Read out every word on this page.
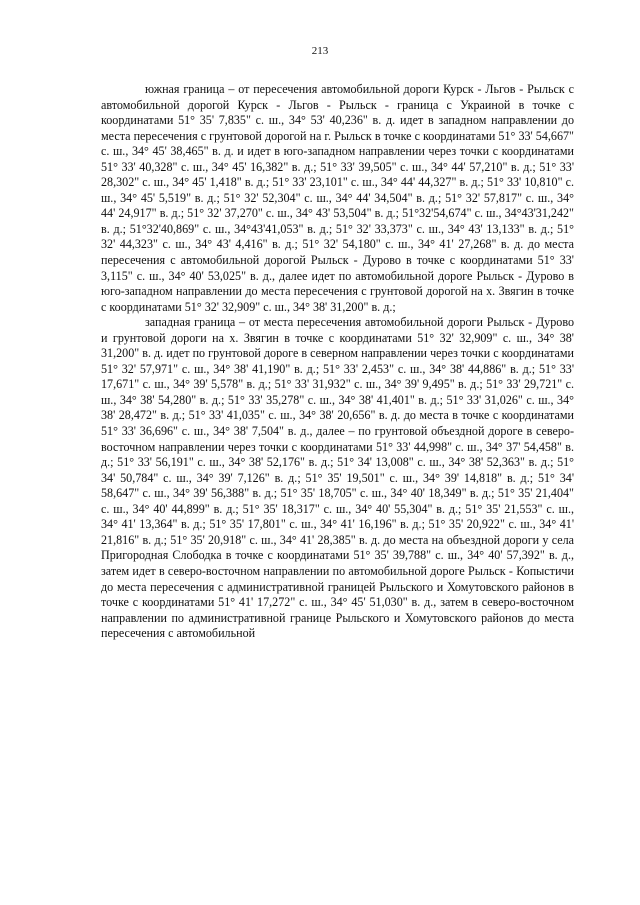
213

южная граница – от пересечения автомобильной дороги Курск - Льгов - Рыльск с автомобильной дорогой Курск - Льгов - Рыльск - граница с Украиной в точке с координатами 51° 35' 7,835" с. ш., 34° 53' 40,236" в. д. идет в западном направлении до места пересечения с грунтовой дорогой на г. Рыльск в точке с координатами 51° 33' 54,667" с. ш., 34° 45' 38,465" в. д. и идет в юго-западном направлении через точки с координатами 51° 33' 40,328" с. ш., 34° 45' 16,382" в. д.; 51° 33' 39,505" с. ш., 34° 44' 57,210" в. д.; 51° 33' 28,302" с. ш., 34° 45' 1,418" в. д.; 51° 33' 23,101" с. ш., 34° 44' 44,327" в. д.; 51° 33' 10,810" с. ш., 34° 45' 5,519" в. д.; 51° 32' 52,304" с. ш., 34° 44' 34,504" в. д.; 51° 32' 57,817" с. ш., 34° 44' 24,917" в. д.; 51° 32' 37,270" с. ш., 34° 43' 53,504" в. д.; 51°32'54,674" с. ш., 34°43'31,242" в. д.; 51°32'40,869" с. ш., 34°43'41,053" в. д.; 51° 32' 33,373" с. ш., 34° 43' 13,133" в. д.; 51° 32' 44,323" с. ш., 34° 43' 4,416" в. д.; 51° 32' 54,180" с. ш., 34° 41' 27,268" в. д. до места пересечения с автомобильной дорогой Рыльск - Дурово в точке с координатами 51° 33' 3,115" с. ш., 34° 40' 53,025" в. д., далее идет по автомобильной дороге Рыльск - Дурово в юго-западном направлении до места пересечения с грунтовой дорогой на х. Звягин в точке с координатами 51° 32' 32,909" с. ш., 34° 38' 31,200" в. д.;

западная граница – от места пересечения автомобильной дороги Рыльск - Дурово и грунтовой дороги на х. Звягин в точке с координатами 51° 32' 32,909" с. ш., 34° 38' 31,200" в. д. идет по грунтовой дороге в северном направлении через точки с координатами 51° 32' 57,971" с. ш., 34° 38' 41,190" в. д.; 51° 33' 2,453" с. ш., 34° 38' 44,886" в. д.; 51° 33' 17,671" с. ш., 34° 39' 5,578" в. д.; 51° 33' 31,932" с. ш., 34° 39' 9,495" в. д.; 51° 33' 29,721" с. ш., 34° 38' 54,280" в. д.; 51° 33' 35,278" с. ш., 34° 38' 41,401" в. д.; 51° 33' 31,026" с. ш., 34° 38' 28,472" в. д.; 51° 33' 41,035" с. ш., 34° 38' 20,656" в. д. до места в точке с координатами 51° 33' 36,696" с. ш., 34° 38' 7,504" в. д., далее – по грунтовой объездной дороге в северо-восточном направлении через точки с координатами 51° 33' 44,998" с. ш., 34° 37' 54,458" в. д.; 51° 33' 56,191" с. ш., 34° 38' 52,176" в. д.; 51° 34' 13,008" с. ш., 34° 38' 52,363" в. д.; 51° 34' 50,784" с. ш., 34° 39' 7,126" в. д.; 51° 35' 19,501" с. ш., 34° 39' 14,818" в. д.; 51° 34' 58,647" с. ш., 34° 39' 56,388" в. д.; 51° 35' 18,705" с. ш., 34° 40' 18,349" в. д.; 51° 35' 21,404" с. ш., 34° 40' 44,899" в. д.; 51° 35' 18,317" с. ш., 34° 40' 55,304" в. д.; 51° 35' 21,553" с. ш., 34° 41' 13,364" в. д.; 51° 35' 17,801" с. ш., 34° 41' 16,196" в. д.; 51° 35' 20,922" с. ш., 34° 41' 21,816" в. д.; 51° 35' 20,918" с. ш., 34° 41' 28,385" в. д. до места на объездной дороги у села Пригородная Слободка в точке с координатами 51° 35' 39,788" с. ш., 34° 40' 57,392" в. д., затем идет в северо-восточном направлении по автомобильной дороге Рыльск - Копыстичи до места пересечения с административной границей Рыльского и Хомутовского районов в точке с координатами 51° 41' 17,272" с. ш., 34° 45' 51,030" в. д., затем в северо-восточном направлении по административной границе Рыльского и Хомутовского районов до места пересечения с автомобильной
